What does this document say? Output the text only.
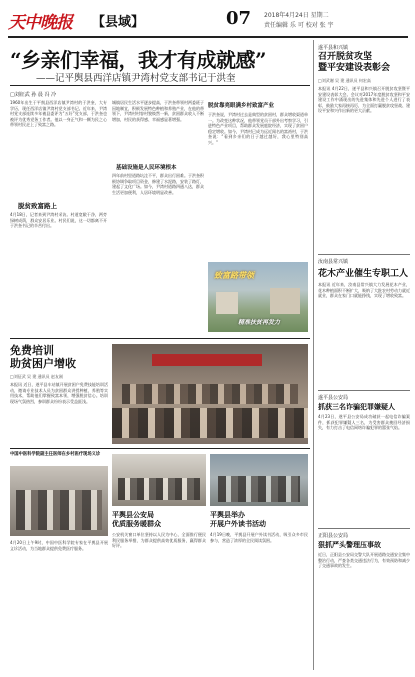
天中晚报 【县域】	07 2018年4月24日 星期二
责任编辑 乐 可 校对 张 宇
“乡亲们幸福，我才有成就感”
——记平舆县西洋店镇尹湾村党支部书记于洪奎
□刘征武 孙 晨 冯 冷
1960年出生于平舆县西洋店镇尹湾村的于洪奎，大专学历，现任西洋店镇尹湾村党支部书记。近年来，尹湾村党支部连续多年被县委评为“五好”党支部，于洪奎也被评为优秀党务工作者。他以一身正气和一颗为民之心带领村民走上了致富之路。
脱贫致富路上
4月18日，记者来到尹湾村采访。村道宽敞干净，两旁绿树成荫，群众安居乐业。村民们说，这一切都离不开于洪奎书记的辛苦付出。
城镇居民生活水平逐步提高，于洪奎带领村两委班子因地制宜，积极发展特色种植和养殖产业，在他的带领下，尹湾村村容村貌焕然一新，贫困群众收入不断增加，村民的获得感、幸福感显著增强。
基础设施是人民环境根本
四年前村里道路坑洼不平，群众出行困难。于洪奎积极协调争取项目资金，修建了水泥路，安装了路灯，建起了文化广场。如今，尹湾村道路四通八达，群众生活更加便利，人居环境明显改善。
脱贫靠亮眼满乡村致富产业
于洪奎说，尹湾村过去是典型的贫困村，群众增收渠道单一。为改变这种状况，他带领党员干部外出考察学习，引进特色产业项目，帮助群众发展庭院经济，实现了贫困户稳定增收。如今，尹湾村已成为远近闻名的富裕村，于洪奎说：“看到乡亲们的日子越过越好，我心里特别高兴。”
致富路带领
精准扶贫再发力
遂平县和兴镇
召开脱贫攻坚
暨平安建设表彰会
□刘武谢 吴 建 通讯员 何宏高
本报讯 4月22日，遂平县和兴镇召开脱贫攻坚暨平安建设表彰大会。会议对2017年度脱贫攻坚和平安建设工作中涌现出的先进集体和先进个人进行了表彰，鼓励大家再接再厉，为全面打赢脱贫攻坚战、建设平安和兴作出新的更大贡献。
汝南县常兴镇
花木产业催生专职工人
本报讯 近年来，汝南县常兴镇大力发展花木产业，花木种植面积不断扩大，吸纳了大批农村劳动力就近就业，群众在家门口就能挣钱，实现了增收致富。
遂平县公安局
抓获三名诈骗犯罪嫌疑人
4月23日，遂平县公安局成功破获一起电信诈骗案件，抓获犯罪嫌疑人三名，为受害群众挽回经济损失，有力打击了电信网络诈骗犯罪的嚣张气焰。
正阳县公安局
狠抓严头警理压事故
近日，正阳县公安局交警大队开展道路交通安全集中整治行动，严查各类交通违法行为，有效预防和减少了交通事故的发生。
免费培训
助贫困户增收
□刘征武 吴 建 通讯员 赵友刚
本报讯 近日，遂平县车站镇开展贫困户免费技能培训活动，邀请专业技术人员为贫困群众讲授种植、养殖等实用技术，帮助他们掌握致富本领，增强脱贫信心。培训现场气氛热烈，参训群众纷纷表示受益匪浅。
中国中医科学院副主任医师在乡村医疗现场义诊
4月20日上午9时，中国中医科学院专家在平舆县开展义诊活动，为当地群众提供免费医疗服务。
平舆县公安局
优质服务暖群众
公安机关窗口单位坚持以人民为中心，全面推行便民利民服务举措，为群众提供高效优质服务，赢得群众好评。
平舆县举办
开展户外读书活动
4月19日晚，平舆县开展户外读书活动，吸引众多市民参与，营造了浓厚的全民阅读氛围。
